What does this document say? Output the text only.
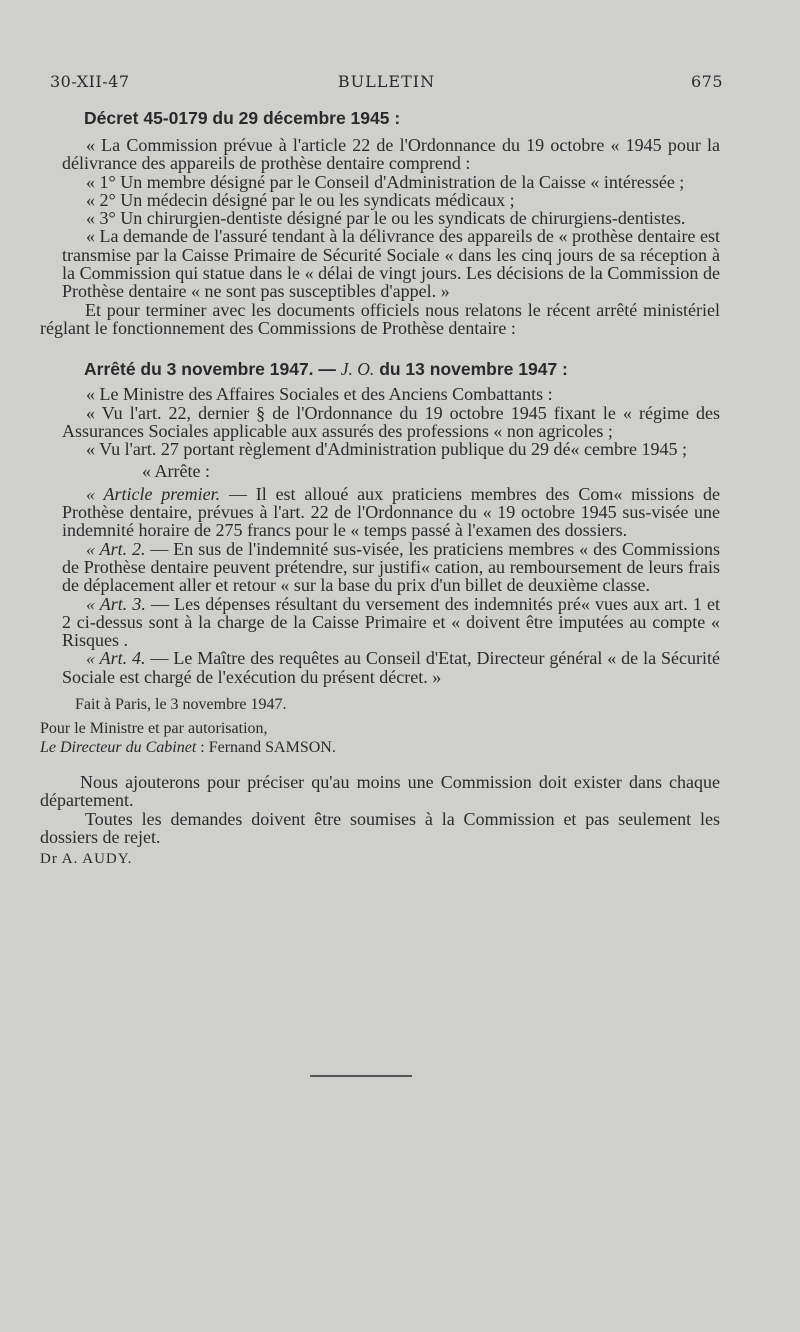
30-XII-47	BULLETIN	675
Décret 45-0179 du 29 décembre 1945 :

« La Commission prévue à l'article 22 de l'Ordonnance du 19 octobre « 1945 pour la délivrance des appareils de prothèse dentaire comprend :

« 1° Un membre désigné par le Conseil d'Administration de la Caisse « intéressée ;

« 2° Un médecin désigné par le ou les syndicats médicaux ;

« 3° Un chirurgien-dentiste désigné par le ou les syndicats de chirurgiens-dentistes.

« La demande de l'assuré tendant à la délivrance des appareils de « prothèse dentaire est transmise par la Caisse Primaire de Sécurité Sociale « dans les cinq jours de sa réception à la Commission qui statue dans le « délai de vingt jours. Les décisions de la Commission de Prothèse dentaire « ne sont pas susceptibles d'appel. »

Et pour terminer avec les documents officiels nous relatons le récent arrêté ministériel réglant le fonctionnement des Commissions de Prothèse dentaire :

Arrêté du 3 novembre 1947. — J. O. du 13 novembre 1947 :

« Le Ministre des Affaires Sociales et des Anciens Combattants :

« Vu l'art. 22, dernier § de l'Ordonnance du 19 octobre 1945 fixant le « régime des Assurances Sociales applicable aux assurés des professions « non agricoles ;

« Vu l'art. 27 portant règlement d'Administration publique du 29 dé« cembre 1945 ;

« Arrête :

« Article premier. — Il est alloué aux praticiens membres des Com« missions de Prothèse dentaire, prévues à l'art. 22 de l'Ordonnance du « 19 octobre 1945 sus-visée une indemnité horaire de 275 francs pour le « temps passé à l'examen des dossiers.

« Art. 2. — En sus de l'indemnité sus-visée, les praticiens membres « des Commissions de Prothèse dentaire peuvent prétendre, sur justifi« cation, au remboursement de leurs frais de déplacement aller et retour « sur la base du prix d'un billet de deuxième classe.

« Art. 3. — Les dépenses résultant du versement des indemnités pré« vues aux art. 1 et 2 ci-dessus sont à la charge de la Caisse Primaire et « doivent être imputées au compte « Risques .

« Art. 4. — Le Maître des requêtes au Conseil d'Etat, Directeur général « de la Sécurité Sociale est chargé de l'exécution du présent décret. »

Fait à Paris, le 3 novembre 1947.

Pour le Ministre et par autorisation,

Le Directeur du Cabinet : Fernand SAMSON.

Nous ajouterons pour préciser qu'au moins une Commission doit exister dans chaque département.

Toutes les demandes doivent être soumises à la Commission et pas seulement les dossiers de rejet.

Dr A. AUDY.
